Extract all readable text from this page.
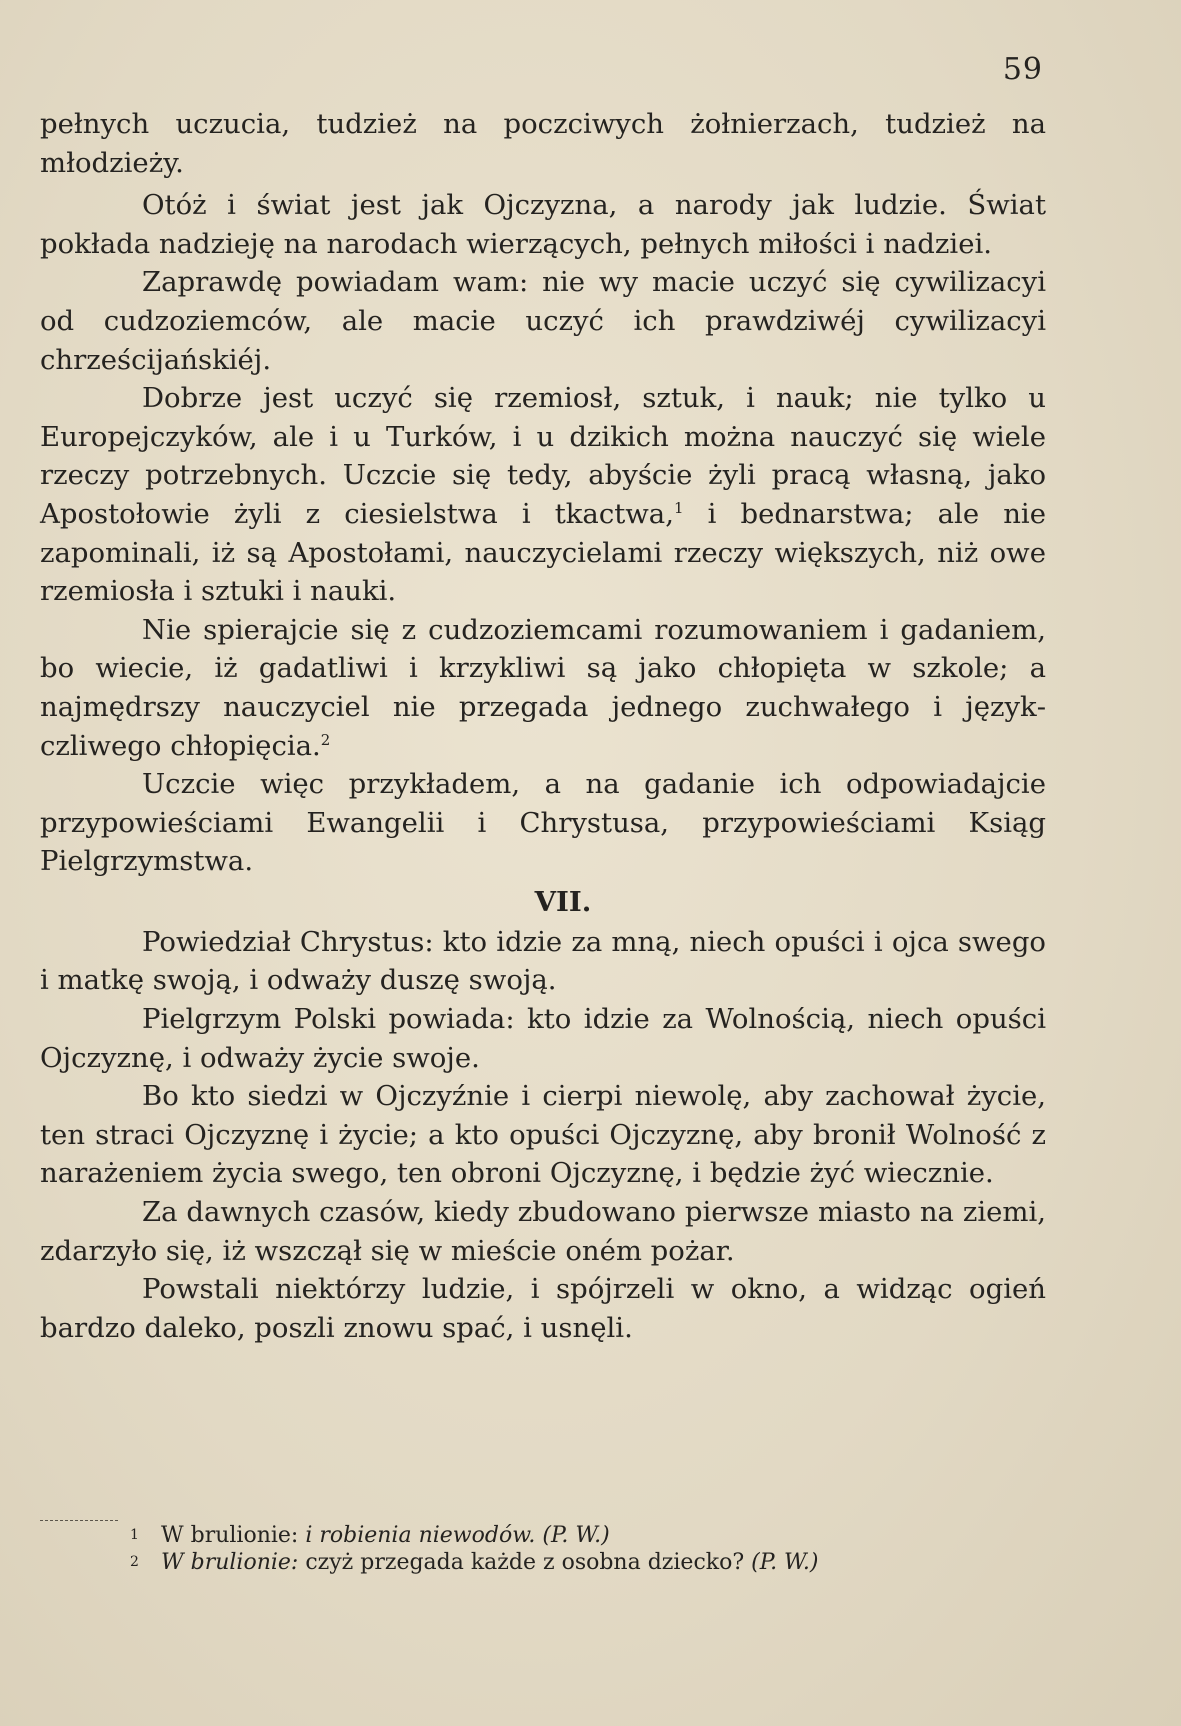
59

pełnych uczucia, tudzież na poczciwych żołnierzach, tudzież na młodzieży.

Otóż i świat jest jak Ojczyzna, a narody jak ludzie. Świat pokłada nadzieję na narodach wierzących, pełnych miłości i nadziei.

Zaprawdę powiadam wam: nie wy macie uczyć się cywilizacyi od cudzoziemców, ale macie uczyć ich prawdziwéj cywilizacyi chrześcijańskiéj.

Dobrze jest uczyć się rzemiosł, sztuk, i nauk; nie tylko u Europejczyków, ale i u Turków, i u dzikich można nauczyć się wiele rzeczy potrzebnych. Uczcie się tedy, abyście żyli pracą własną, jako Apostołowie żyli z ciesielstwa i tkactwa,$^1$ i bednarstwa; ale nie zapominali, iż są Apostołami, nauczycielami rzeczy większych, niż owe rzemiosła i sztuki i nauki.

Nie spierajcie się z cudzoziemcami rozumowaniem i gadaniem, bo wiecie, iż gadatliwi i krzykliwi są jako chłopięta w szkole; a najmędrszy nauczyciel nie przegada jednego zuchwałego i językczliwego chłopięcia.$^2$

Uczcie więc przykładem, a na gadanie ich odpowiadajcie przypowieściami Ewangelii i Chrystusa, przypowieściami Ksiąg Pielgrzymstwa.

VII.

Powiedział Chrystus: kto idzie za mną, niech opuści i ojca swego i matkę swoją, i odważy duszę swoją.

Pielgrzym Polski powiada: kto idzie za Wolnością, niech opuści Ojczyznę, i odważy życie swoje.

Bo kto siedzi w Ojczyźnie i cierpi niewolę, aby zachował życie, ten straci Ojczyznę i życie; a kto opuści Ojczyznę, aby bronił Wolność z narażeniem życia swego, ten obroni Ojczyznę, i będzie żyć wiecznie.

Za dawnych czasów, kiedy zbudowano pierwsze miasto na ziemi, zdarzyło się, iż wszczął się w mieście oném pożar.

Powstali niektórzy ludzie, i spójrzeli w okno, a widząc ogień bardzo daleko, poszli znowu spać, i usnęli.

1 W brulionie: i robienia niewodów. (P. W.)
2 W brulionie: czyż przegada każde z osobna dziecko? (P. W.)
